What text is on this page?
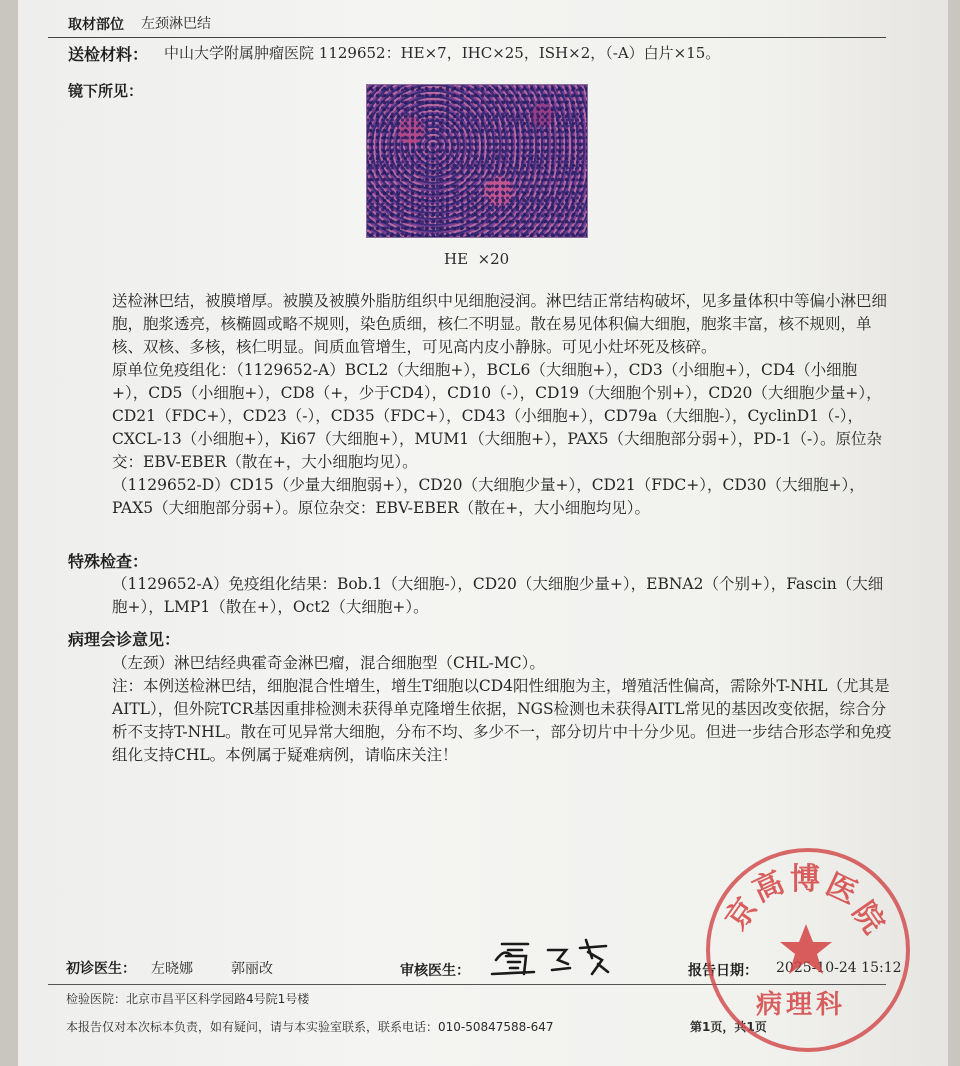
取材部位 左颈淋巴结
送检材料： 中山大学附属肿瘤医院 1129652：HE×7，IHC×25，ISH×2，（-A）白片×15。
镜下所见：
HE  ×20

送检淋巴结，被膜增厚。被膜及被膜外脂肪组织中见细胞浸润。淋巴结正常结构破坏，见多量体积中等偏小淋巴细胞，胞浆透亮，核椭圆或略不规则，染色质细，核仁不明显。散在易见体积偏大细胞，胞浆丰富，核不规则，单核、双核、多核，核仁明显。间质血管增生，可见高内皮小静脉。可见小灶坏死及核碎。

原单位免疫组化：（1129652-A）BCL2（大细胞+），BCL6（大细胞+），CD3（小细胞+），CD4（小细胞+），CD5（小细胞+），CD8（+，少于CD4），CD10（-），CD19（大细胞个别+），CD20（大细胞少量+），CD21（FDC+），CD23（-），CD35（FDC+），CD43（小细胞+），CD79a（大细胞-），CyclinD1（-），CXCL-13（小细胞+），Ki67（大细胞+），MUM1（大细胞+），PAX5（大细胞部分弱+），PD-1（-）。原位杂交：EBV-EBER（散在+，大小细胞均见）。

（1129652-D）CD15（少量大细胞弱+），CD20（大细胞少量+），CD21（FDC+），CD30（大细胞+），PAX5（大细胞部分弱+）。原位杂交：EBV-EBER（散在+，大小细胞均见）。

特殊检查：

（1129652-A）免疫组化结果：Bob.1（大细胞-），CD20（大细胞少量+），EBNA2（个别+），Fascin（大细胞+），LMP1（散在+），Oct2（大细胞+）。

病理会诊意见：

（左颈）淋巴结经典霍奇金淋巴瘤，混合细胞型（CHL-MC）。

注：本例送检淋巴结，细胞混合性增生，增生T细胞以CD4阳性细胞为主，增殖活性偏高，需除外T-NHL（尤其是AITL），但外院TCR基因重排检测未获得单克隆增生依据，NGS检测也未获得AITL常见的基因改变依据，综合分析不支持T-NHL。散在可见异常大细胞，分布不均、多少不一，部分切片中十分少见。但进一步结合形态学和免疫组化支持CHL。本例属于疑难病例，请临床关注！

初诊医生： 左晓娜	郭丽改	审核医生：	报告日期： 2025-10-24 15:12
检验医院：北京市昌平区科学园路4号院1号楼
本报告仅对本次标本负责，如有疑问，请与本实验室联系，联系电话：010-50847588-647	第1页，共1页
京
高 博 医
院
病理科
